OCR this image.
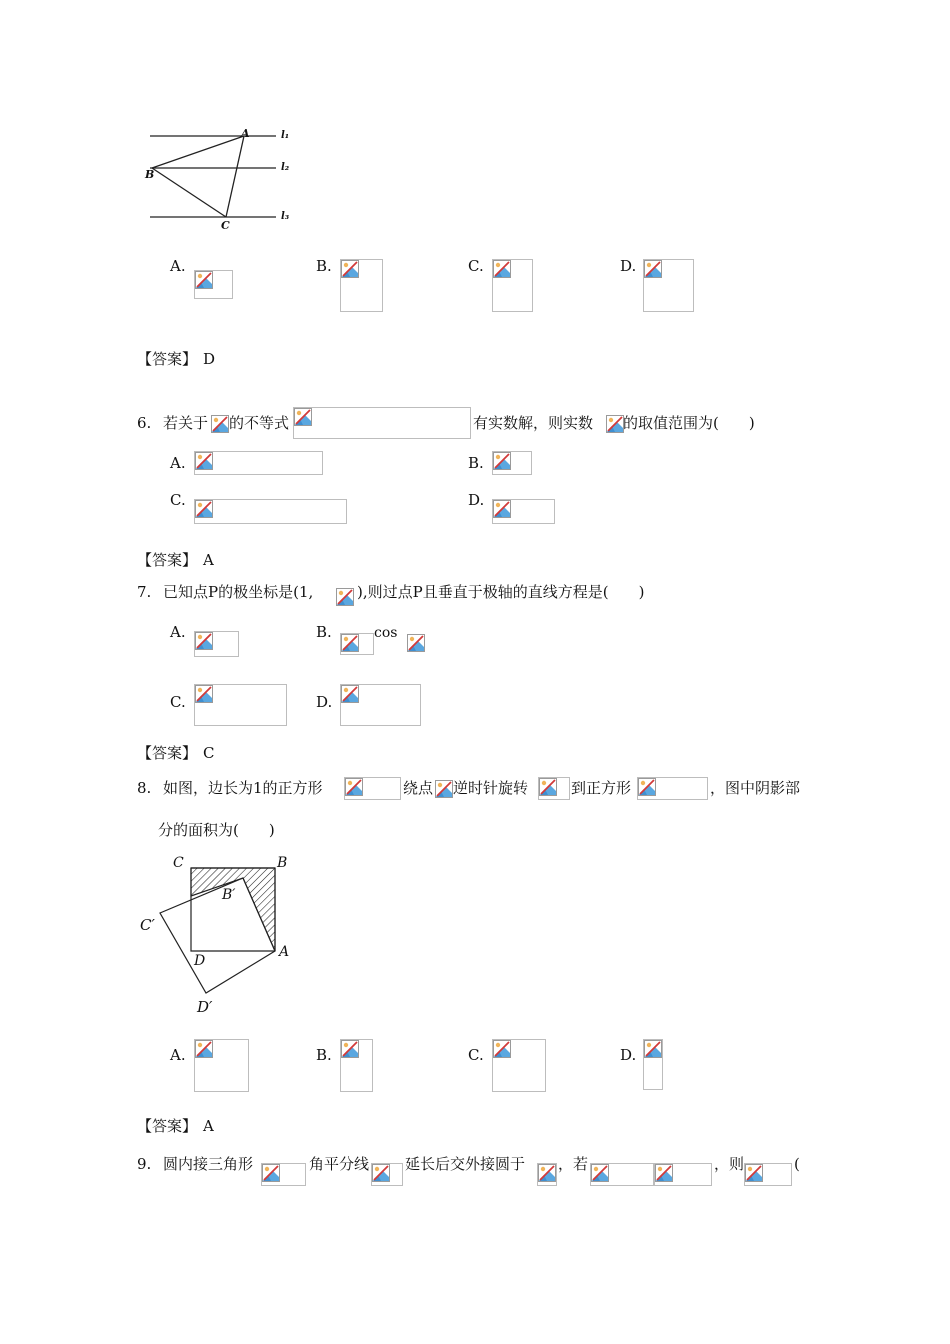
A
B
C
l₁
l₂
l₃
A.	B.	C.	D.
【答案】 D
6. 若关于 的不等式	有实数解，则实数 的取值范围为(　　)
A.	B.
C.	D.
【答案】 A
7. 已知点P的极坐标是(1,	),则过点P且垂直于极轴的直线方程是(　　)
A.	B.	cos
C.	D.
【答案】 C
8. 如图，边长为1的正方形	绕点 逆时针旋转	到正方形	，图中阴影部
分的面积为(　　)
C	B
B′
C′
D
A
D′
A.	B.	C.	D.
【答案】 A
9. 圆内接三角形	角平分线 延长后交外接圆于 ，若	，则	(
